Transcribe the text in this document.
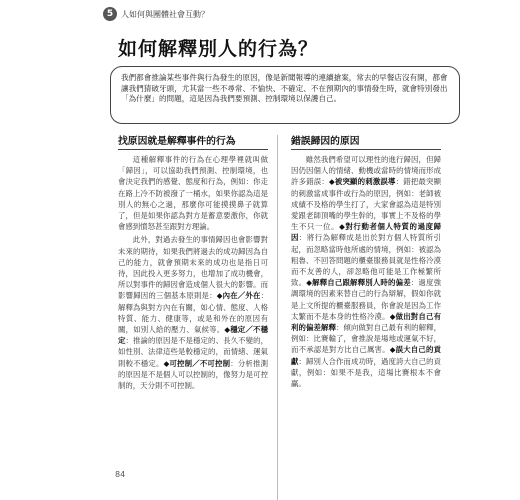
5 人如何與團體社會互動？
如何解釋別人的行為？
我們都會推論某些事件與行為發生的原因，像是新聞報導的連續搶案，常去的早餐店沒有開，都會讓我們猜破牙頭，尤其當一些不尋常、不愉快、不確定、不在預期內的事情發生時，就會特別發出「為什麼」的問題，這是因為我們要預測、控制環境以保護自己。
找原因就是解釋事件的行為

這種解釋事件的行為在心理學裡就叫做「歸因」，可以協助我們預測、控制環境，也會決定我們的感覺、態度和行為，例如：你走在路上冷不防被潑了一桶水，如果你認為這是別人的無心之過，那麼你可能摸摸鼻子就算了，但是如果你認為對方是蓄意要激你，你就會感到憤怒甚至跟對方理論。

此外，對過去發生的事情歸因也會影響對未來的期待，如果我們將過去的成功歸因為自己的能力，就會預期未來的成功也是指日可待，因此投入更多努力，也增加了成功機會，所以對事件的歸因會造成個人很大的影響。而影響歸因的三個基本原則是：◆內在／外在：解釋為與對方內在有關，如心情、態度、人格特質、能力、健康等，或是和外在的原因有關，如別人給的壓力、氣候等。◆穩定／不穩定：推論的原因是不是穩定的、長久不變的，如性別、法律這些是較穩定的，而情緒、運氣則較不穩定。◆可控制／不可控制：分析推測的原因是不是個人可以控制的，像努力是可控制的，天分則不可控制。

錯誤歸因的原因

雖然我們希望可以理性的進行歸因，但歸因仍因個人的情緒、動機或當時的情境而形成許多錯誤：◆被突顯的刺激誤導：錯把最突顯的刺激當成事件或行為的原因，例如：老師被成績不及格的學生打了，大家會認為這是特別愛跟老師頂嘴的學生幹的，事實上不及格的學生不只一位。◆對行動者個人特質的過度歸因：將行為解釋成是出於對方個人特質所引起，而忽略當時他所處的情境，例如：被認為粗魯、不回答問題的櫃臺服務員就是性格冷漠而不友善的人，卻忽略他可能是工作極繁所致。◆解釋自己跟解釋別人時的偏差：過度強調環境的因素來替自己的行為辯解，假如你就是上文所提的櫃臺服務員，你會說是因為工作太繁而不是本身的性格冷漠。◆做出對自己有利的偏差解釋：傾向做對自己最有利的解釋，例如：比賽輸了，會推說是場地或運氣不好，而不承認是對方比自己厲害。◆誤大自己的貢獻：歸別人合作而成功時，過度誇大自己的貢獻，例如：如果不是我，這場比賽根本不會贏。

84
